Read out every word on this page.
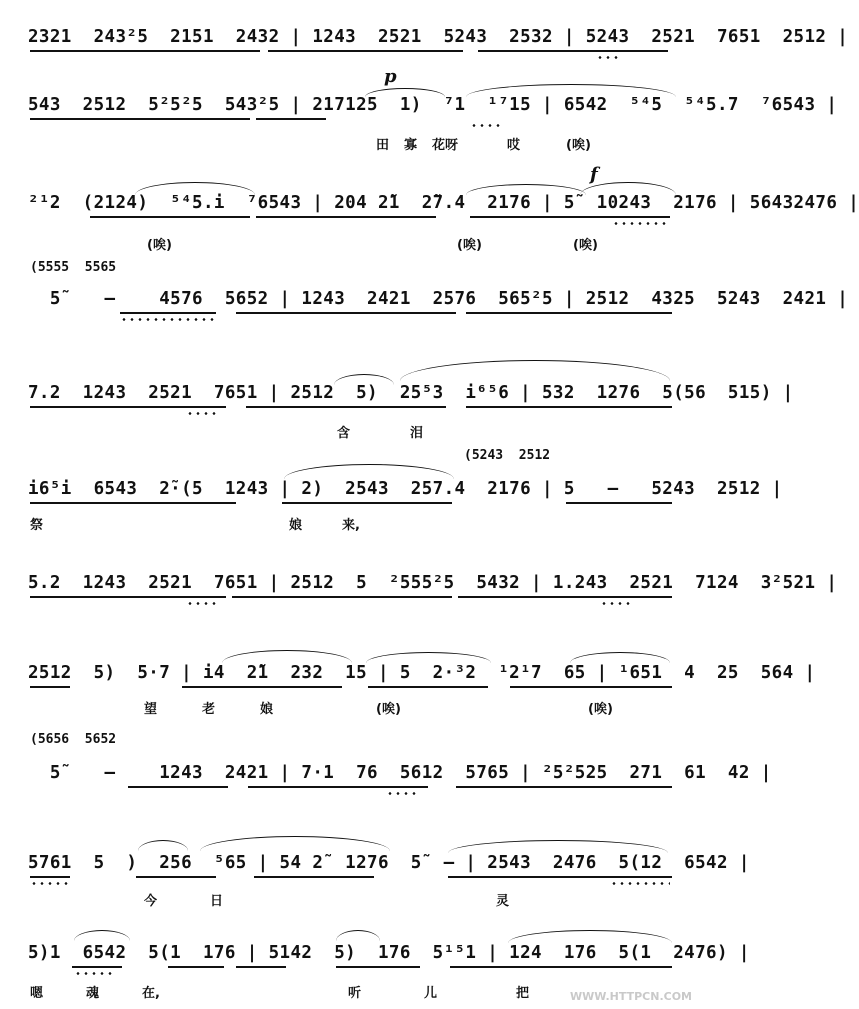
2321  243²5  2151  2432 | 1243  2521  5243  2532 | 5243  2521  7651  2512 |
p
543  2512  5²5²5  543²5 | 217125  1)  ⁷1  ¹⁷15 | 6542  ⁵⁴5  ⁵⁴5.7  ⁷6543 |
田 寡 花呀	哎	(唉)
f
²¹2  (2124)  ⁵⁴5.i  ⁷6543 | 204 2̃1  2̃7.4  2176 | 5̃  10243  2176 | 56432476 |
(唉)	(唉)	(唉)
(5555  5565
5̃    —    4576  5652 | 1243  2421  2576  565²5 | 2512  4325  5243  2421 |
7.2  1243  2521  7651 | 2512  5)  25⁵3  i⁶⁵6 | 532  1276  5(56  515) |
含	泪
(5243  2512
i6⁵i  6543  2̃·(5  1243 | 2)  2543  257.4  2176 | 5   —   5243  2512 |
祭	娘	来,
5.2  1243  2521  7651 | 2512  5  ²555²5  5432 | 1.243  2521  7124  3²521 |
2512  5)  5·7 | i4  2̃1  232  15 | 5  2·³2  ¹2¹7  65 | ¹651  4  25  564 |
望	老	娘	(唉)	(唉)
(5656  5652
5̃    —    1243  2421 | 7·1  76  5612  5765 | ²5²525  271  61  42 |
5761  5  )  256  ⁵65 | 54 2̃  1276  5̃  — | 2543  2476  5(12  6542 |
今	日	灵
5)1  6542  5(1  176 | 5142  5)  176  5¹⁵1 | 124  176  5(1  2476) |
嗯	魂	在,	听	儿	把	WWW.HTTPCN.COM
